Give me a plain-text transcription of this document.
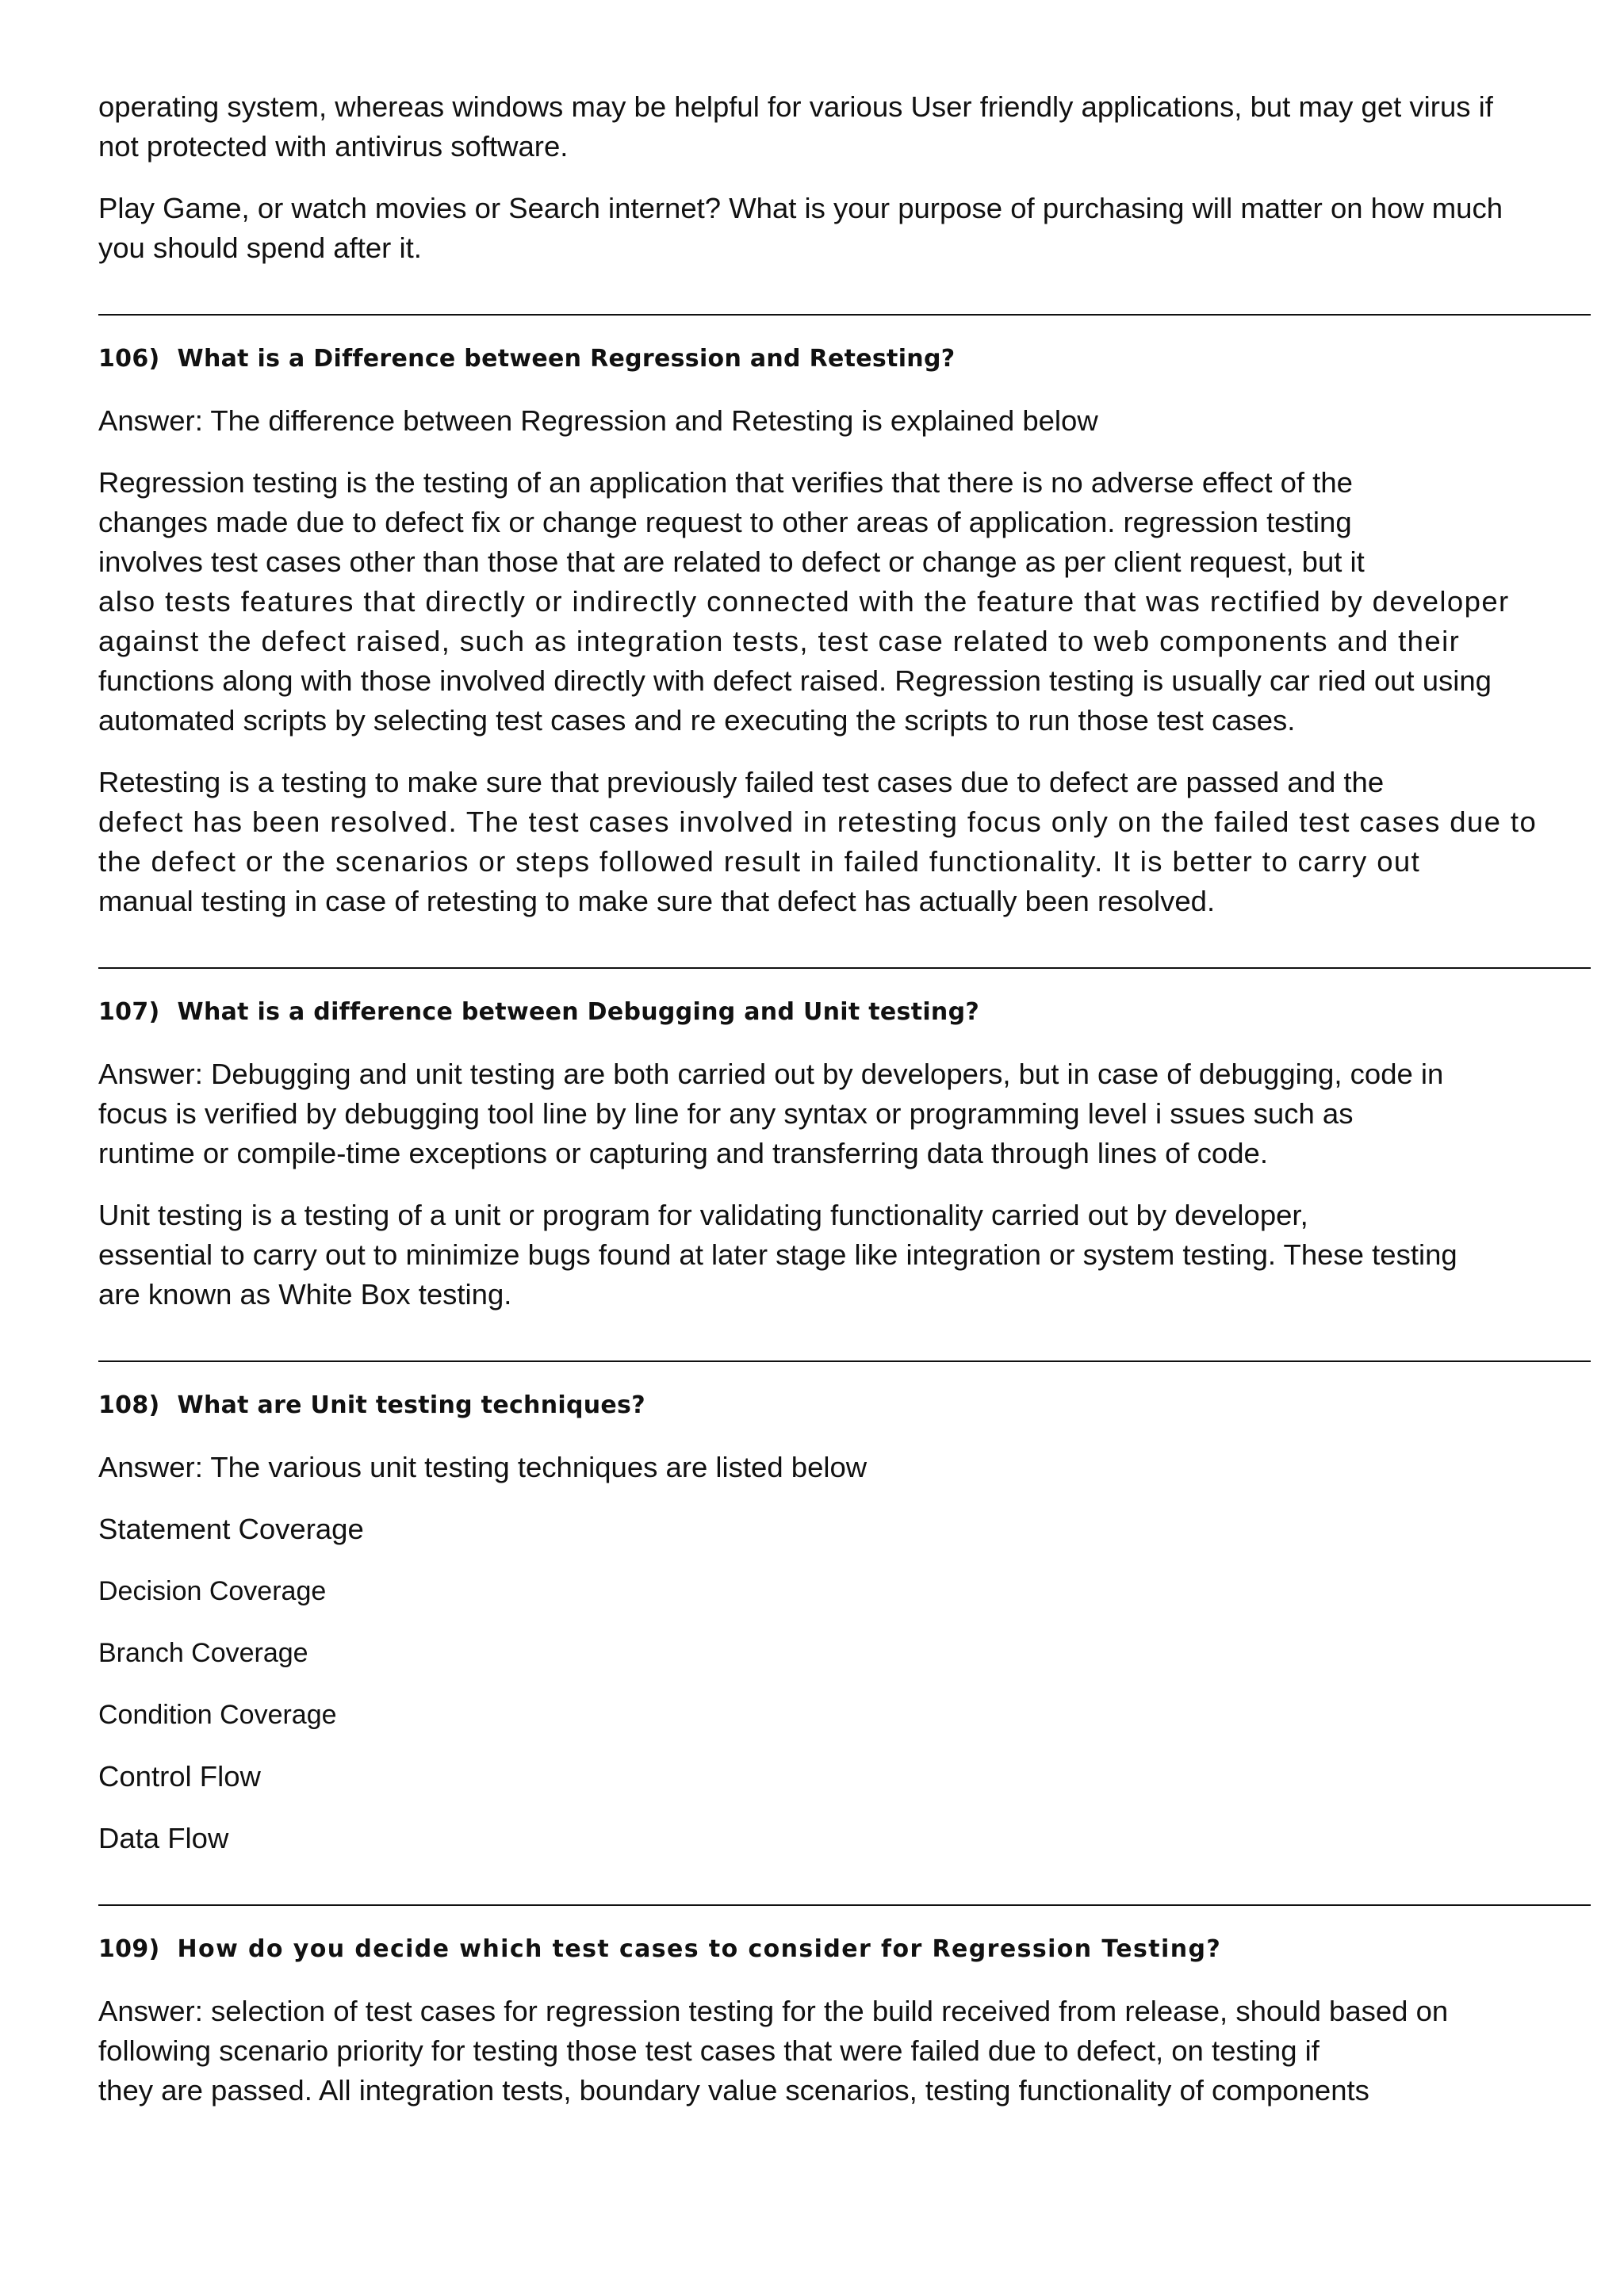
operating system, whereas windows may be helpful for various User friendly applications, but may get virus if
not protected with antivirus software.
Play Game, or watch movies or Search internet? What is your purpose of purchasing will matter on how much
you should spend after it.
106) What is a Difference between Regression and Retesting?
Answer: The difference between Regression and Retesting is explained below
Regression testing is the testing of an application that verifies that there is no adverse effect of the
changes made due to defect fix or change request to other areas of application. regression testing
involves test cases other than those that are related to defect or change as per client request, but it
also tests features that directly or indirectly connected with the feature that was rectified by developer
against the defect raised, such as integration tests, test case related to web components and their
functions along with those involved directly with defect raised. Regression testing is usually car ried out using
automated scripts by selecting test cases and re executing the scripts to run those test cases.
Retesting is a testing to make sure that previously failed test cases due to defect are passed and the
defect has been resolved. The test cases involved in retesting focus only on the failed test cases due to
the defect or the scenarios or steps followed result in failed functionality. It is better to carry out
manual testing in case of retesting to make sure that defect has actually been resolved.
107) What is a difference between Debugging and Unit testing?
Answer: Debugging and unit testing are both carried out by developers, but in case of debugging, code in
focus is verified by debugging tool line by line for any syntax or programming level i ssues such as
runtime or compile-time exceptions or capturing and transferring data through lines of code.
Unit testing is a testing of a unit or program for validating functionality carried out by developer,
essential to carry out to minimize bugs found at later stage like integration or system testing. These testing
are known as White Box testing.
108) What are Unit testing techniques?
Answer: The various unit testing techniques are listed below
Statement Coverage
Decision Coverage
Branch Coverage
Condition Coverage
Control Flow
Data Flow
109) How do you decide which test cases to consider for Regression Testing?
Answer: selection of test cases for regression testing for the build received from release, should based on
following scenario priority for testing those test cases that were failed due to defect, on testing if
they are passed. All integration tests, boundary value scenarios, testing functionality of components
